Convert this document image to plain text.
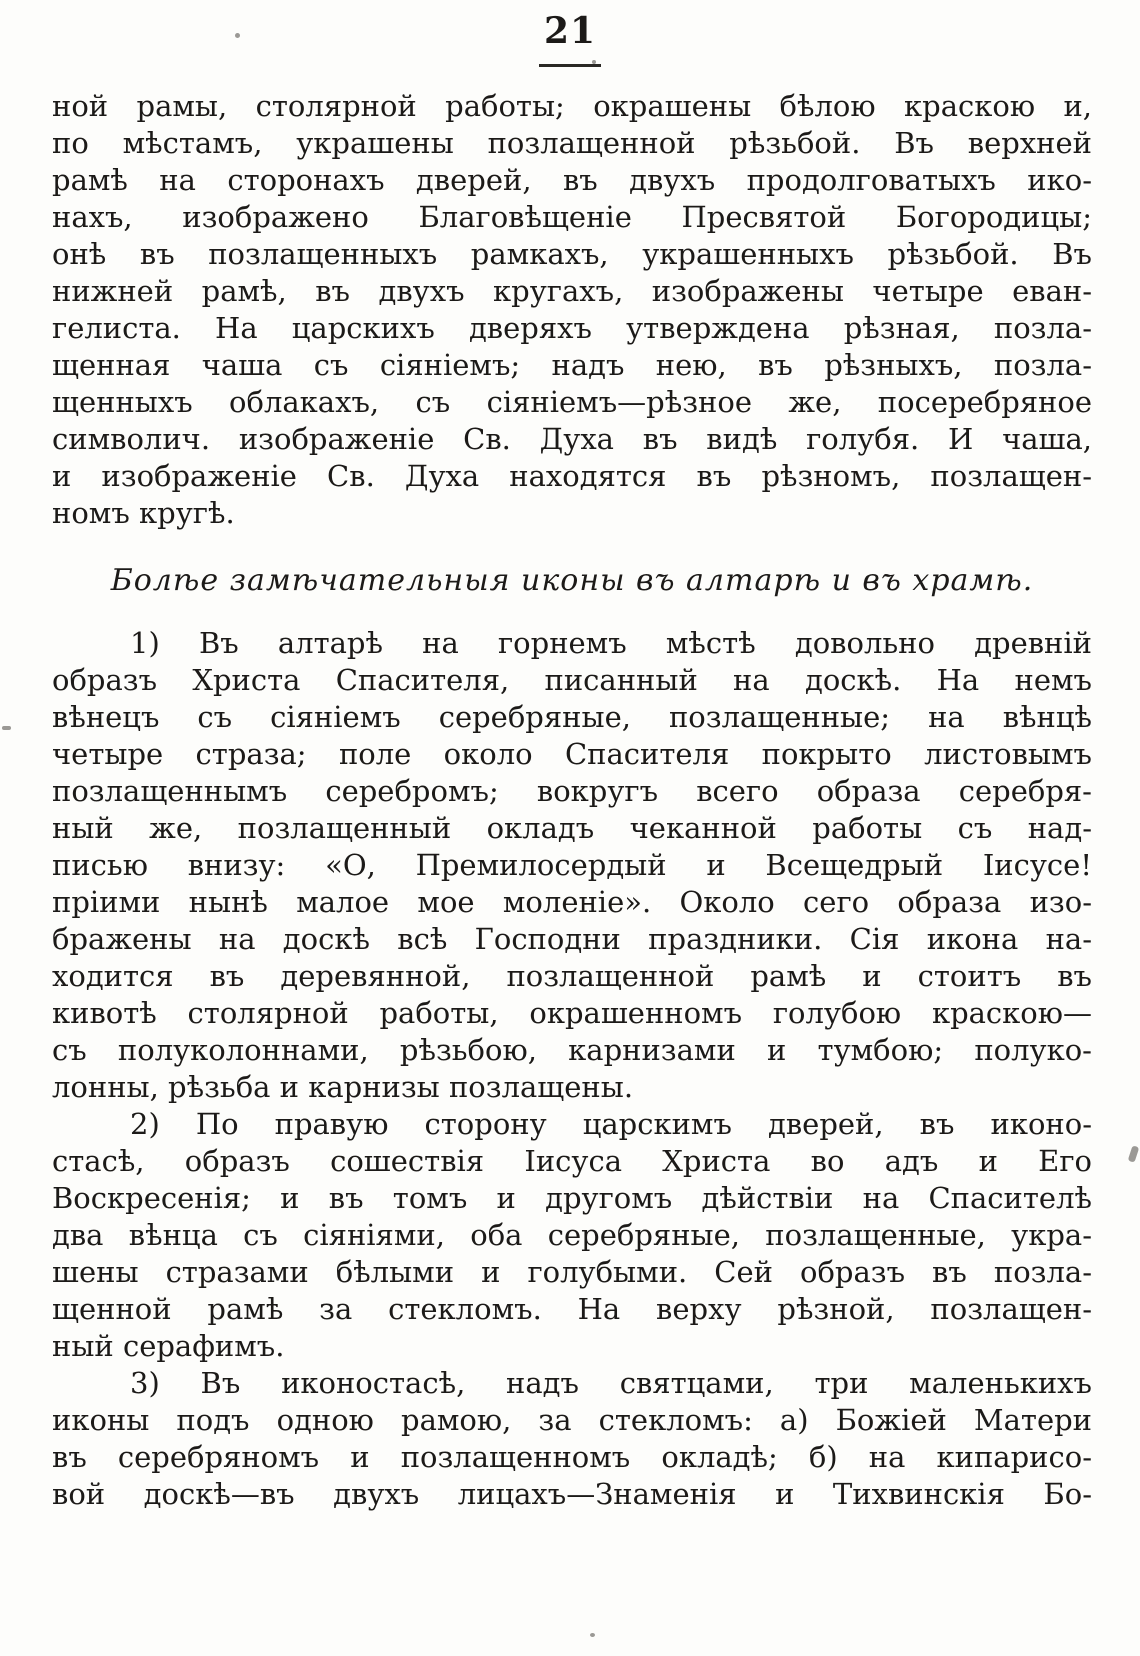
21
ной рамы, столярной работы; окрашены бѣлою краскою и,
по мѣстамъ, украшены позлащенной рѣзьбой. Въ верхней
рамѣ на сторонахъ дверей, въ двухъ продолговатыхъ ико-
нахъ, изображено Благовѣщеніе Пресвятой Богородицы;
онѣ въ позлащенныхъ рамкахъ, украшенныхъ рѣзьбой. Въ
нижней рамѣ, въ двухъ кругахъ, изображены четыре еван-
гелиста. На царскихъ дверяхъ утверждена рѣзная, позла-
щенная чаша съ сіяніемъ; надъ нею, въ рѣзныхъ, позла-
щенныхъ облакахъ, съ сіяніемъ—рѣзное же, посеребряное
символич. изображеніе Св. Духа въ видѣ голубя. И чаша,
и изображеніе Св. Духа находятся въ рѣзномъ, позлащен-
номъ кругѣ.
Болѣе замѣчательныя иконы въ алтарѣ и въ храмѣ.
1) Въ алтарѣ на горнемъ мѣстѣ довольно древній
образъ Христа Спасителя, писанный на доскѣ. На немъ
вѣнецъ съ сіяніемъ серебряные, позлащенные; на вѣнцѣ
четыре страза; поле около Спасителя покрыто листовымъ
позлащеннымъ серебромъ; вокругъ всего образа серебря-
ный же, позлащенный окладъ чеканной работы съ над-
писью внизу: «О, Премилосердый и Всещедрый Іисусе!
пріими нынѣ малое мое моленіе». Около сего образа изо-
бражены на доскѣ всѣ Господни праздники. Сія икона на-
ходится въ деревянной, позлащенной рамѣ и стоитъ въ
кивотѣ столярной работы, окрашенномъ голубою краскою—
съ полуколоннами, рѣзьбою, карнизами и тумбою; полуко-
лонны, рѣзьба и карнизы позлащены.
2) По правую сторону царскимъ дверей, въ иконо-
стасѣ, образъ сошествія Іисуса Христа во адъ и Его
Воскресенія; и въ томъ и другомъ дѣйствіи на Спасителѣ
два вѣнца съ сіяніями, оба серебряные, позлащенные, укра-
шены стразами бѣлыми и голубыми. Сей образъ въ позла-
щенной рамѣ за стекломъ. На верху рѣзной, позлащен-
ный серафимъ.
3) Въ иконостасѣ, надъ святцами, три маленькихъ
иконы подъ одною рамою, за стекломъ: а) Божіей Матери
въ серебряномъ и позлащенномъ окладѣ; б) на кипарисо-
вой доскѣ—въ двухъ лицахъ—Знаменія и Тихвинскія Бо-
